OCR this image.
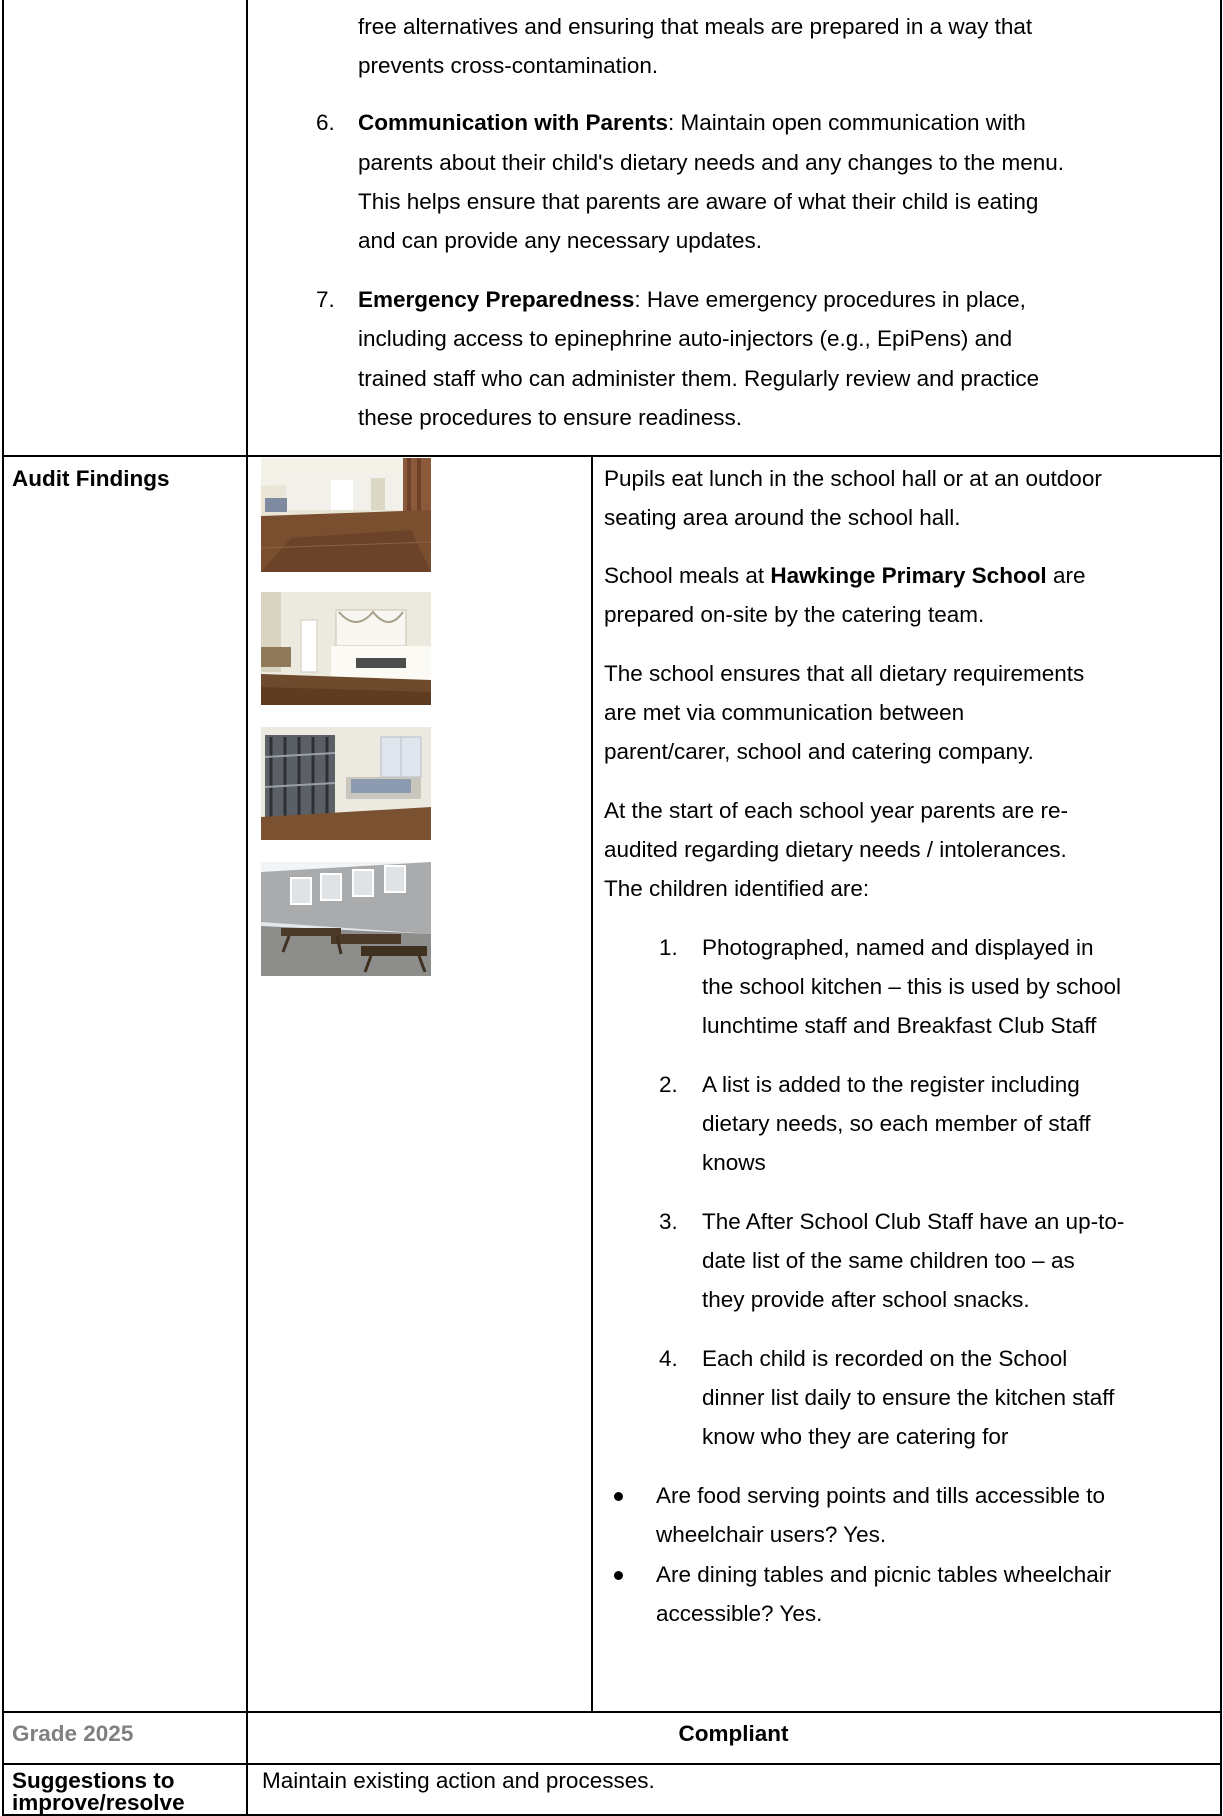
free alternatives and ensuring that meals are prepared in a way that
prevents cross-contamination.
6. Communication with Parents: Maintain open communication with
parents about their child's dietary needs and any changes to the menu.
This helps ensure that parents are aware of what their child is eating
and can provide any necessary updates.
7. Emergency Preparedness: Have emergency procedures in place,
including access to epinephrine auto-injectors (e.g., EpiPens) and
trained staff who can administer them. Regularly review and practice
these procedures to ensure readiness.
Audit Findings	Pupils eat lunch in the school hall or at an outdoor
seating area around the school hall.
School meals at Hawkinge Primary School are
prepared on-site by the catering team.
The school ensures that all dietary requirements
are met via communication between
parent/carer, school and catering company.
At the start of each school year parents are re-
audited regarding dietary needs / intolerances.
The children identified are:
1. Photographed, named and displayed in
the school kitchen – this is used by school
lunchtime staff and Breakfast Club Staff
2. A list is added to the register including
dietary needs, so each member of staff
knows
3. The After School Club Staff have an up-to-
date list of the same children too – as
they provide after school snacks.
4. Each child is recorded on the School
dinner list daily to ensure the kitchen staff
know who they are catering for
Are food serving points and tills accessible to
wheelchair users? Yes.
Are dining tables and picnic tables wheelchair
accessible? Yes.
Grade 2025	Compliant
Suggestions to
improve/resolve
Maintain existing action and processes.
